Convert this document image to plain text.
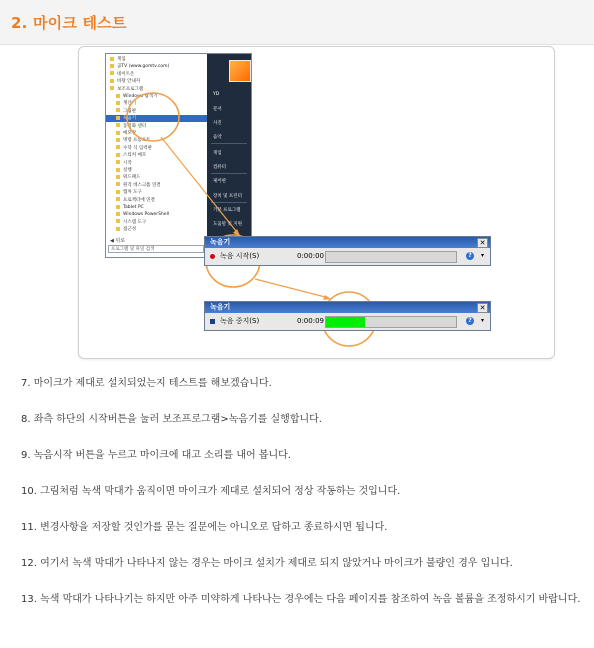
2. 마이크 테스트
게임
곰TV (www.gomtv.com)
네이트온
바탕 안내자
보조프로그램
Windows 탐색기
계산기
그림판
녹음기
동기화 센터
메모장
명령 프롬프트
수학 식 입력판
스티커 메모
시작
실행
워드패드
원격 데스크톱 연결
캡처 도구
프로젝터에 연결
Tablet PC
Windows PowerShell
시스템 도구
접근성
◀ 뒤로
프로그램 및 파일 검색
YD
문서
사진
음악
게임
컴퓨터
제어판
장치 및 프린터
기본 프로그램
도움말 및 지원
녹음기	✕
녹음 시작(S)	0:00:00	?	▾
녹음기	✕
녹음 중지(S)	0:00:09	?	▾
7. 마이크가 제대로 설치되었는지 테스트를 해보겠습니다.
8. 좌측 하단의 시작버튼을 눌러 보조프로그램>녹음기를 실행합니다.
9. 녹음시작 버튼을 누르고 마이크에 대고 소리를 내어 봅니다.
10. 그림처럼 녹색 막대가 움직이면 마이크가 제대로 설치되어 정상 작동하는 것입니다.
11. 변경사항을 저장할 것인가를 묻는 질문에는 아니오로 답하고 종료하시면 됩니다.
12. 여기서 녹색 막대가 나타나지 않는 경우는 마이크 설치가 제대로 되지 않았거나 마이크가 불량인 경우 입니다.
13. 녹색 막대가 나타나기는 하지만 아주 미약하게 나타나는 경우에는 다음 페이지를 참조하여 녹음 볼륨을 조정하시기 바랍니다.
